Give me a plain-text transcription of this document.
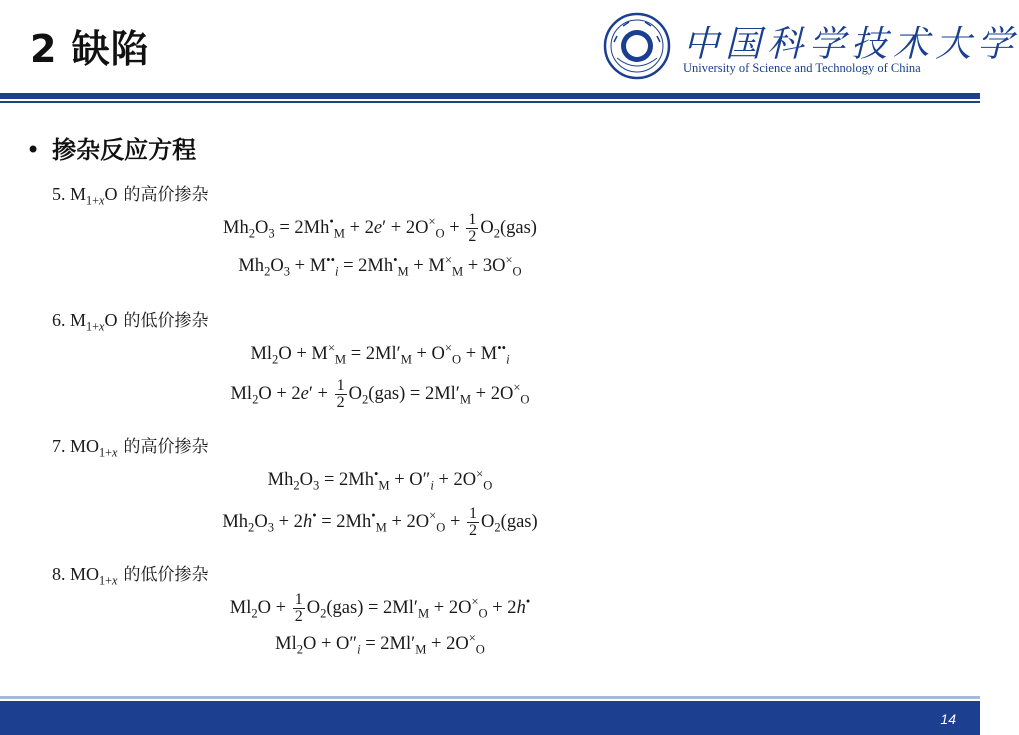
2 缺陷	中国科学技术大学
University of Science and Technology of China
• 掺杂反应方程
5. $M_{1+x}O$ 的高价掺杂
$Mh_2O_3 = 2Mh^•_M + 2e' + 2O^\times_O + \frac{1}{2} O_2(gas)$
$Mh_2O_3 + M^{••}_i = 2Mh^•_M + M^\times_M + 3O^\times_O$
6. $M_{1+x}O$ 的低价掺杂
$Ml_2O + M^\times_M = 2Ml'_M + O^\times_O + M^{••}_i$
$Ml_2O + 2e' + \frac{1}{2} O_2(gas) = 2Ml'_M + 2O^\times_O$
7. $MO_{1+x}$ 的高价掺杂
$Mh_2O_3 = 2Mh^•_M + O''_i + 2O^\times_O$
$Mh_2O_3 + 2h^• = 2Mh^•_M + 2O^\times_O + \frac{1}{2} O_2(gas)$
8. $MO_{1+x}$ 的低价掺杂
$Ml_2O + \frac{1}{2} O_2(gas) = 2Ml'_M + 2O^\times_O + 2h^•$
$Ml_2O + O''_i = 2Ml'_M + 2O^\times_O$
14
